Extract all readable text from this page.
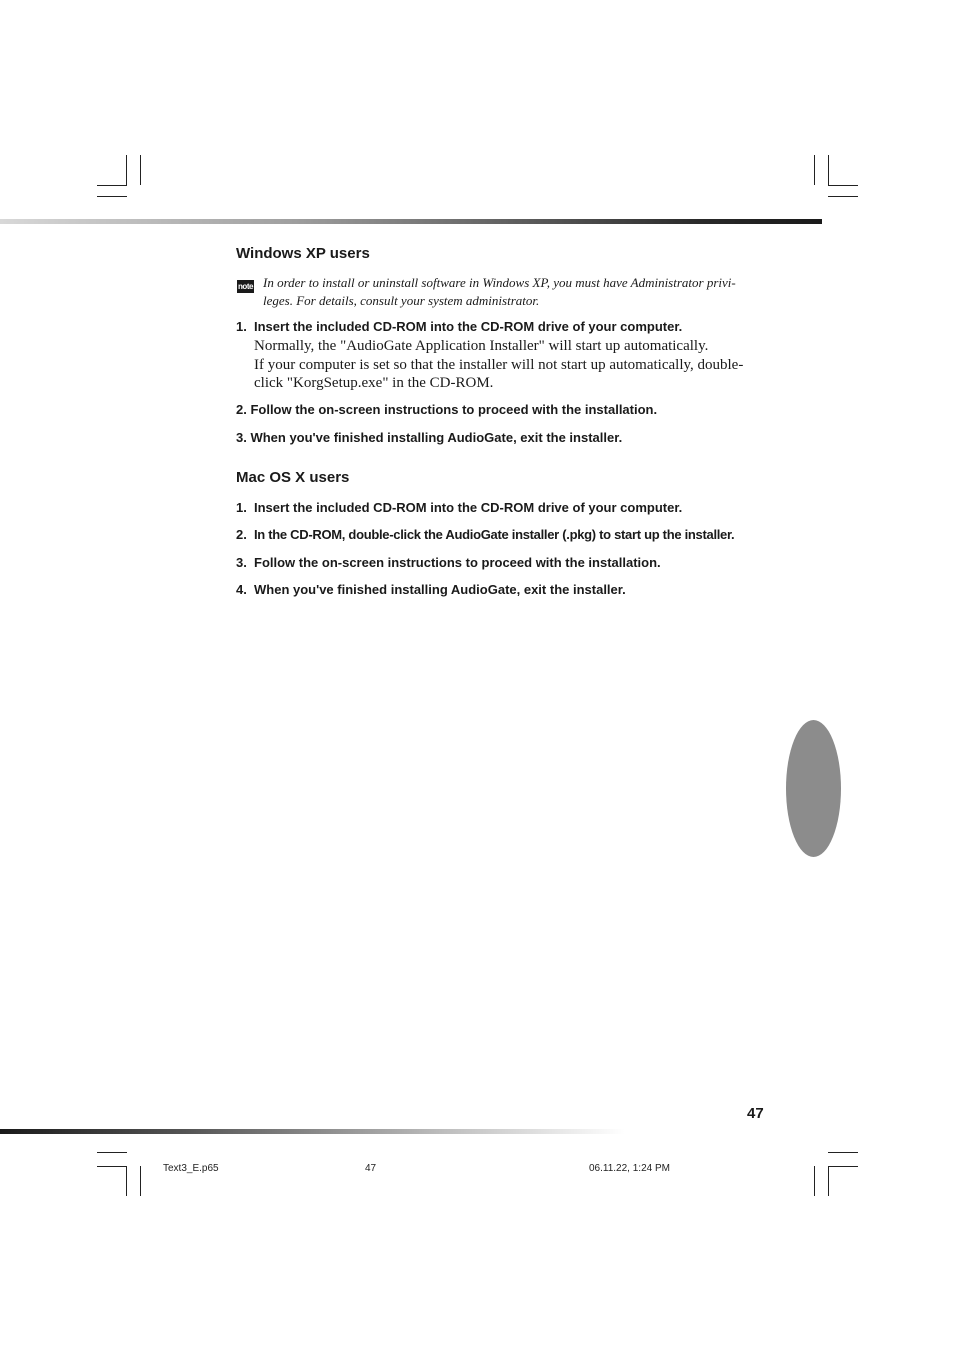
Windows XP users
note In order to install or uninstall software in Windows XP, you must have Administrator privi-
leges. For details, consult your system administrator.
1. Insert the included CD-ROM into the CD-ROM drive of your computer.
Normally, the "AudioGate Application Installer" will start up automatically.
If your computer is set so that the installer will not start up automatically, double-
click "KorgSetup.exe" in the CD-ROM.
2. Follow the on-screen instructions to proceed with the installation.
3. When you've finished installing AudioGate, exit the installer.
Mac OS X users
1. Insert the included CD-ROM into the CD-ROM drive of your computer.
2. In the CD-ROM, double-click the AudioGate installer (.pkg) to start up the installer.
3. Follow the on-screen instructions to proceed with the installation.
4. When you've finished installing AudioGate, exit the installer.
47
Text3_E.p65	47	06.11.22, 1:24 PM
